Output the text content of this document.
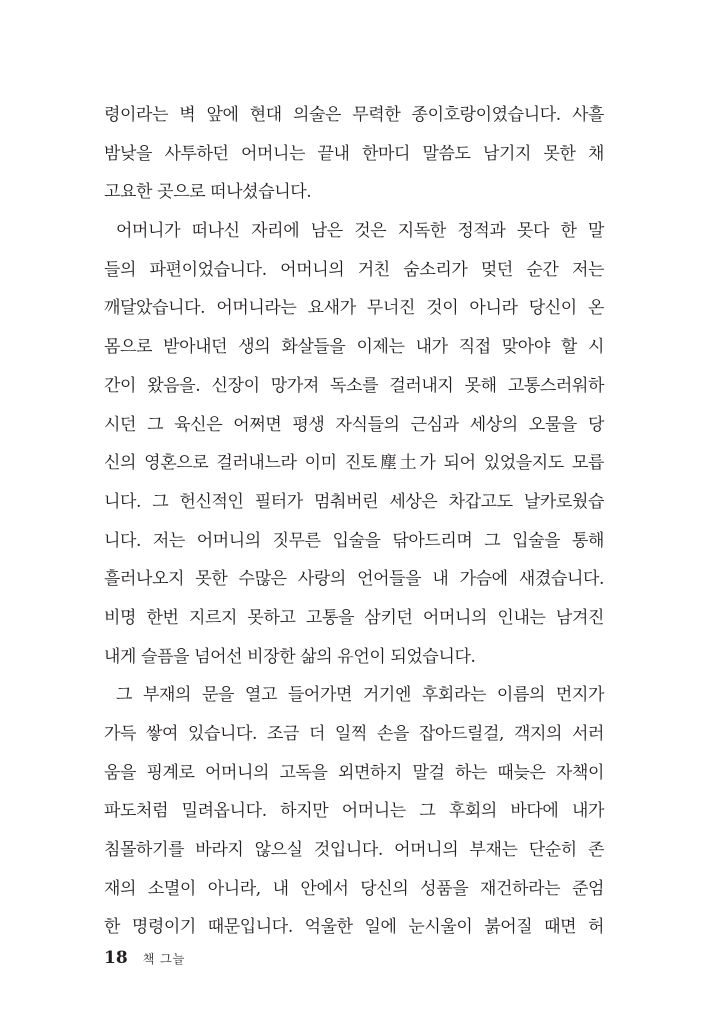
령이라는 벽 앞에 현대 의술은 무력한 종이호랑이였습니다. 사흘
밤낮을 사투하던 어머니는 끝내 한마디 말씀도 남기지 못한 채
고요한 곳으로 떠나셨습니다.
어머니가 떠나신 자리에 남은 것은 지독한 정적과 못다 한 말
들의 파편이었습니다. 어머니의 거친 숨소리가 멎던 순간 저는
깨달았습니다. 어머니라는 요새가 무너진 것이 아니라 당신이 온
몸으로 받아내던 생의 화살들을 이제는 내가 직접 맞아야 할 시
간이 왔음을. 신장이 망가져 독소를 걸러내지 못해 고통스러워하
시던 그 육신은 어쩌면 평생 자식들의 근심과 세상의 오물을 당
신의 영혼으로 걸러내느라 이미 진토塵土가 되어 있었을지도 모릅
니다. 그 헌신적인 필터가 멈춰버린 세상은 차갑고도 날카로웠습
니다. 저는 어머니의 짓무른 입술을 닦아드리며 그 입술을 통해
흘러나오지 못한 수많은 사랑의 언어들을 내 가슴에 새겼습니다.
비명 한번 지르지 못하고 고통을 삼키던 어머니의 인내는 남겨진
내게 슬픔을 넘어선 비장한 삶의 유언이 되었습니다.
그 부재의 문을 열고 들어가면 거기엔 후회라는 이름의 먼지가
가득 쌓여 있습니다. 조금 더 일찍 손을 잡아드릴걸, 객지의 서러
움을 핑계로 어머니의 고독을 외면하지 말걸 하는 때늦은 자책이
파도처럼 밀려옵니다. 하지만 어머니는 그 후회의 바다에 내가
침몰하기를 바라지 않으실 것입니다. 어머니의 부재는 단순히 존
재의 소멸이 아니라, 내 안에서 당신의 성품을 재건하라는 준엄
한 명령이기 때문입니다. 억울한 일에 눈시울이 붉어질 때면 허
18 책 그늘
